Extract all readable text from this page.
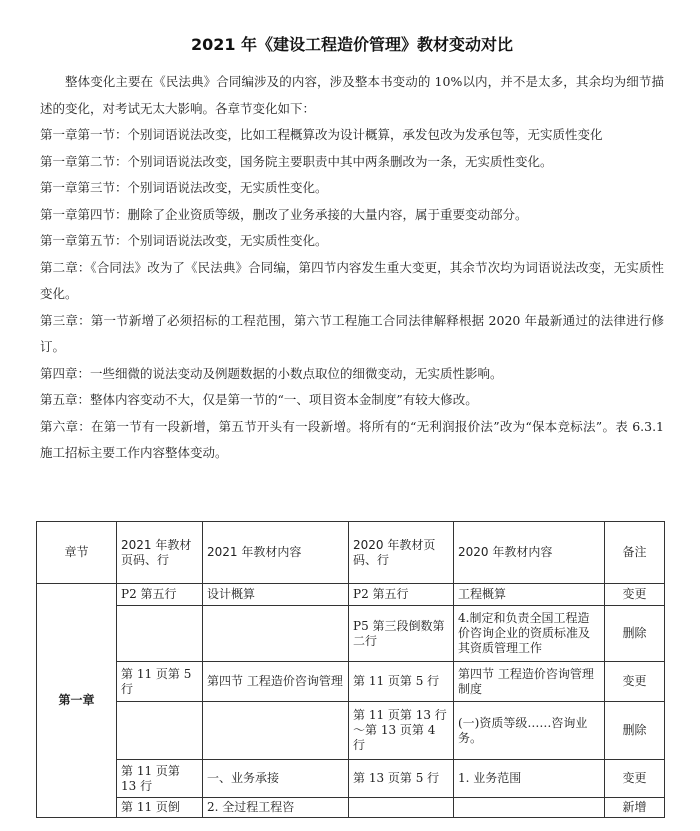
2021 年《建设工程造价管理》教材变动对比

整体变化主要在《民法典》合同编涉及的内容，涉及整本书变动的 10%以内，并不是太多，其余均为细节描述的变化，对考试无太大影响。各章节变化如下：

第一章第一节：个别词语说法改变，比如工程概算改为设计概算，承发包改为发承包等，无实质性变化

第一章第二节：个别词语说法改变，国务院主要职责中其中两条删改为一条，无实质性变化。

第一章第三节：个别词语说法改变，无实质性变化。

第一章第四节：删除了企业资质等级，删改了业务承接的大量内容，属于重要变动部分。

第一章第五节：个别词语说法改变，无实质性变化。

第二章：《合同法》改为了《民法典》合同编，第四节内容发生重大变更，其余节次均为词语说法改变，无实质性变化。

第三章：第一节新增了必须招标的工程范围，第六节工程施工合同法律解释根据 2020 年最新通过的法律进行修订。

第四章：一些细微的说法变动及例题数据的小数点取位的细微变动，无实质性影响。

第五章：整体内容变动不大，仅是第一节的“一、项目资本金制度”有较大修改。

第六章：在第一节有一段新增，第五节开头有一段新增。将所有的“无利润报价法”改为“保本竞标法”。表 6.3.1 施工招标主要工作内容整体变动。

章节	2021 年教材页码、行	2021 年教材内容	2020 年教材页码、行	2020 年教材内容	备注
第一章	P2 第五行	设计概算	P2 第五行	工程概算	变更
			P5 第三段倒数第二行	4.制定和负责全国工程造价咨询企业的资质标准及其资质管理工作	删除
	第 11 页第 5 行	第四节 工程造价咨询管理	第 11 页第 5 行	第四节 工程造价咨询管理制度	变更
			第 11 页第 13 行～第 13 页第 4 行	(一)资质等级……咨询业务。	删除
	第 11 页第 13 行	一、业务承接	第 13 页第 5 行	1. 业务范围	变更
	第 11 页倒	2. 全过程工程咨			新增
